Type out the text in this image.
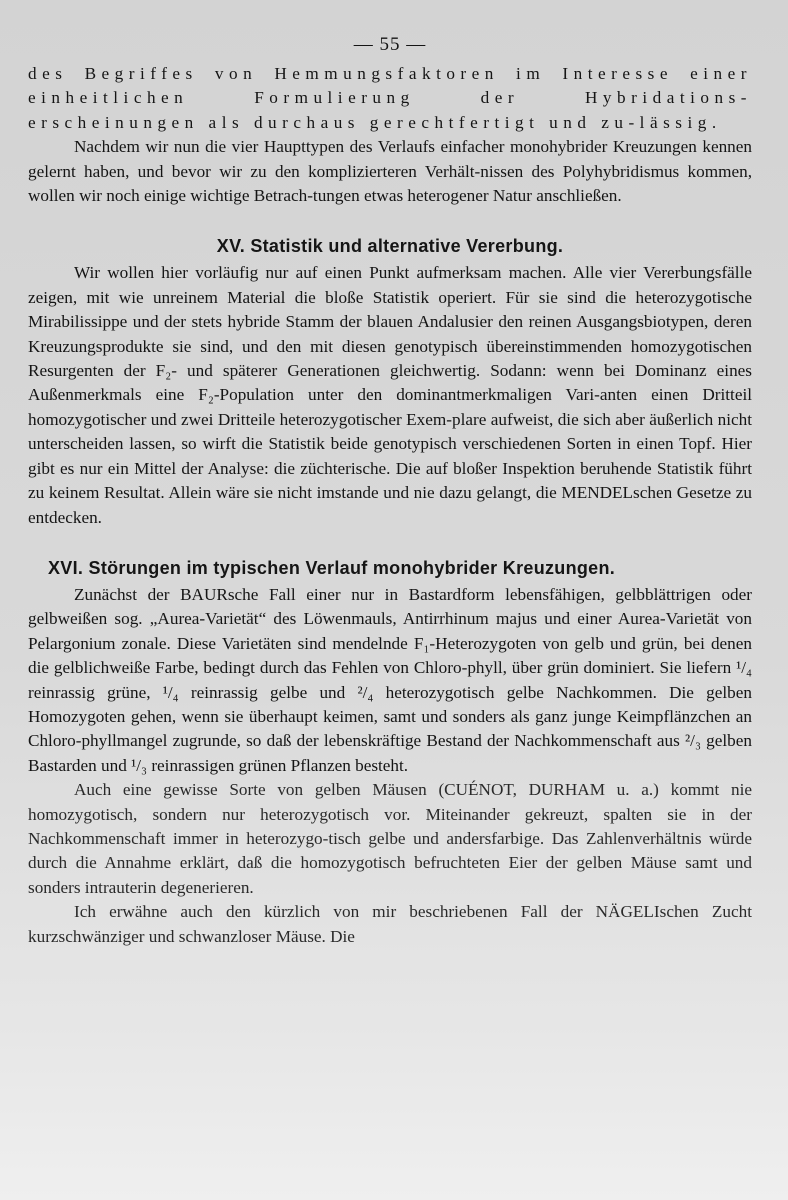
— 55 —

des Begriffes von Hemmungsfaktoren im Interesse einer einheitlichen Formulierung der Hybridations-erscheinungen als durchaus gerechtfertigt und zu-lässig.

Nachdem wir nun die vier Haupttypen des Verlaufs einfacher monohybrider Kreuzungen kennen gelernt haben, und bevor wir zu den komplizierteren Verhält-nissen des Polyhybridismus kommen, wollen wir noch einige wichtige Betrach-tungen etwas heterogener Natur anschließen.

XV. Statistik und alternative Vererbung.

Wir wollen hier vorläufig nur auf einen Punkt aufmerksam machen. Alle vier Vererbungsfälle zeigen, mit wie unreinem Material die bloße Statistik operiert. Für sie sind die heterozygotische Mirabilissippe und der stets hybride Stamm der blauen Andalusier den reinen Ausgangsbiotypen, deren Kreuzungsprodukte sie sind, und den mit diesen genotypisch übereinstimmenden homozygotischen Resurgenten der F₂- und späterer Generationen gleichwertig. Sodann: wenn bei Dominanz eines Außenmerkmals eine F₂-Population unter den dominantmerkmaligen Vari-anten einen Dritteil homozygotischer und zwei Dritteile heterozygotischer Exem-plare aufweist, die sich aber äußerlich nicht unterscheiden lassen, so wirft die Statistik beide genotypisch verschiedenen Sorten in einen Topf. Hier gibt es nur ein Mittel der Analyse: die züchterische. Die auf bloßer Inspektion beruhende Statistik führt zu keinem Resultat. Allein wäre sie nicht imstande und nie dazu gelangt, die MENDELschen Gesetze zu entdecken.

XVI. Störungen im typischen Verlauf monohybrider Kreuzungen.

Zunächst der BAURsche Fall einer nur in Bastardform lebensfähigen, gelbblättrigen oder gelbweißen sog. „Aurea-Varietät“ des Löwenmauls, Antirrhinum majus und einer Aurea-Varietät von Pelargonium zonale. Diese Varietäten sind mendelnde F₁-Heterozygoten von gelb und grün, bei denen die gelblichweiße Farbe, bedingt durch das Fehlen von Chloro-phyll, über grün dominiert. Sie liefern ¹/₄ reinrassig grüne, ¹/₄ reinrassig gelbe und ²/₄ heterozygotisch gelbe Nachkommen. Die gelben Homozygoten gehen, wenn sie überhaupt keimen, samt und sonders als ganz junge Keimpflänzchen an Chloro-phyllmangel zugrunde, so daß der lebenskräftige Bestand der Nachkommenschaft aus ²/₃ gelben Bastarden und ¹/₃ reinrassigen grünen Pflanzen besteht.

Auch eine gewisse Sorte von gelben Mäusen (CUÉNOT, DURHAM u. a.) kommt nie homozygotisch, sondern nur heterozygotisch vor. Miteinander gekreuzt, spalten sie in der Nachkommenschaft immer in heterozygo-tisch gelbe und andersfarbige. Das Zahlenverhältnis würde durch die Annahme erklärt, daß die homozygotisch befruchteten Eier der gelben Mäuse samt und sonders intrauterin degenerieren.

Ich erwähne auch den kürzlich von mir beschriebenen Fall der NÄGELIschen Zucht kurzschwänziger und schwanzloser Mäuse. Die
